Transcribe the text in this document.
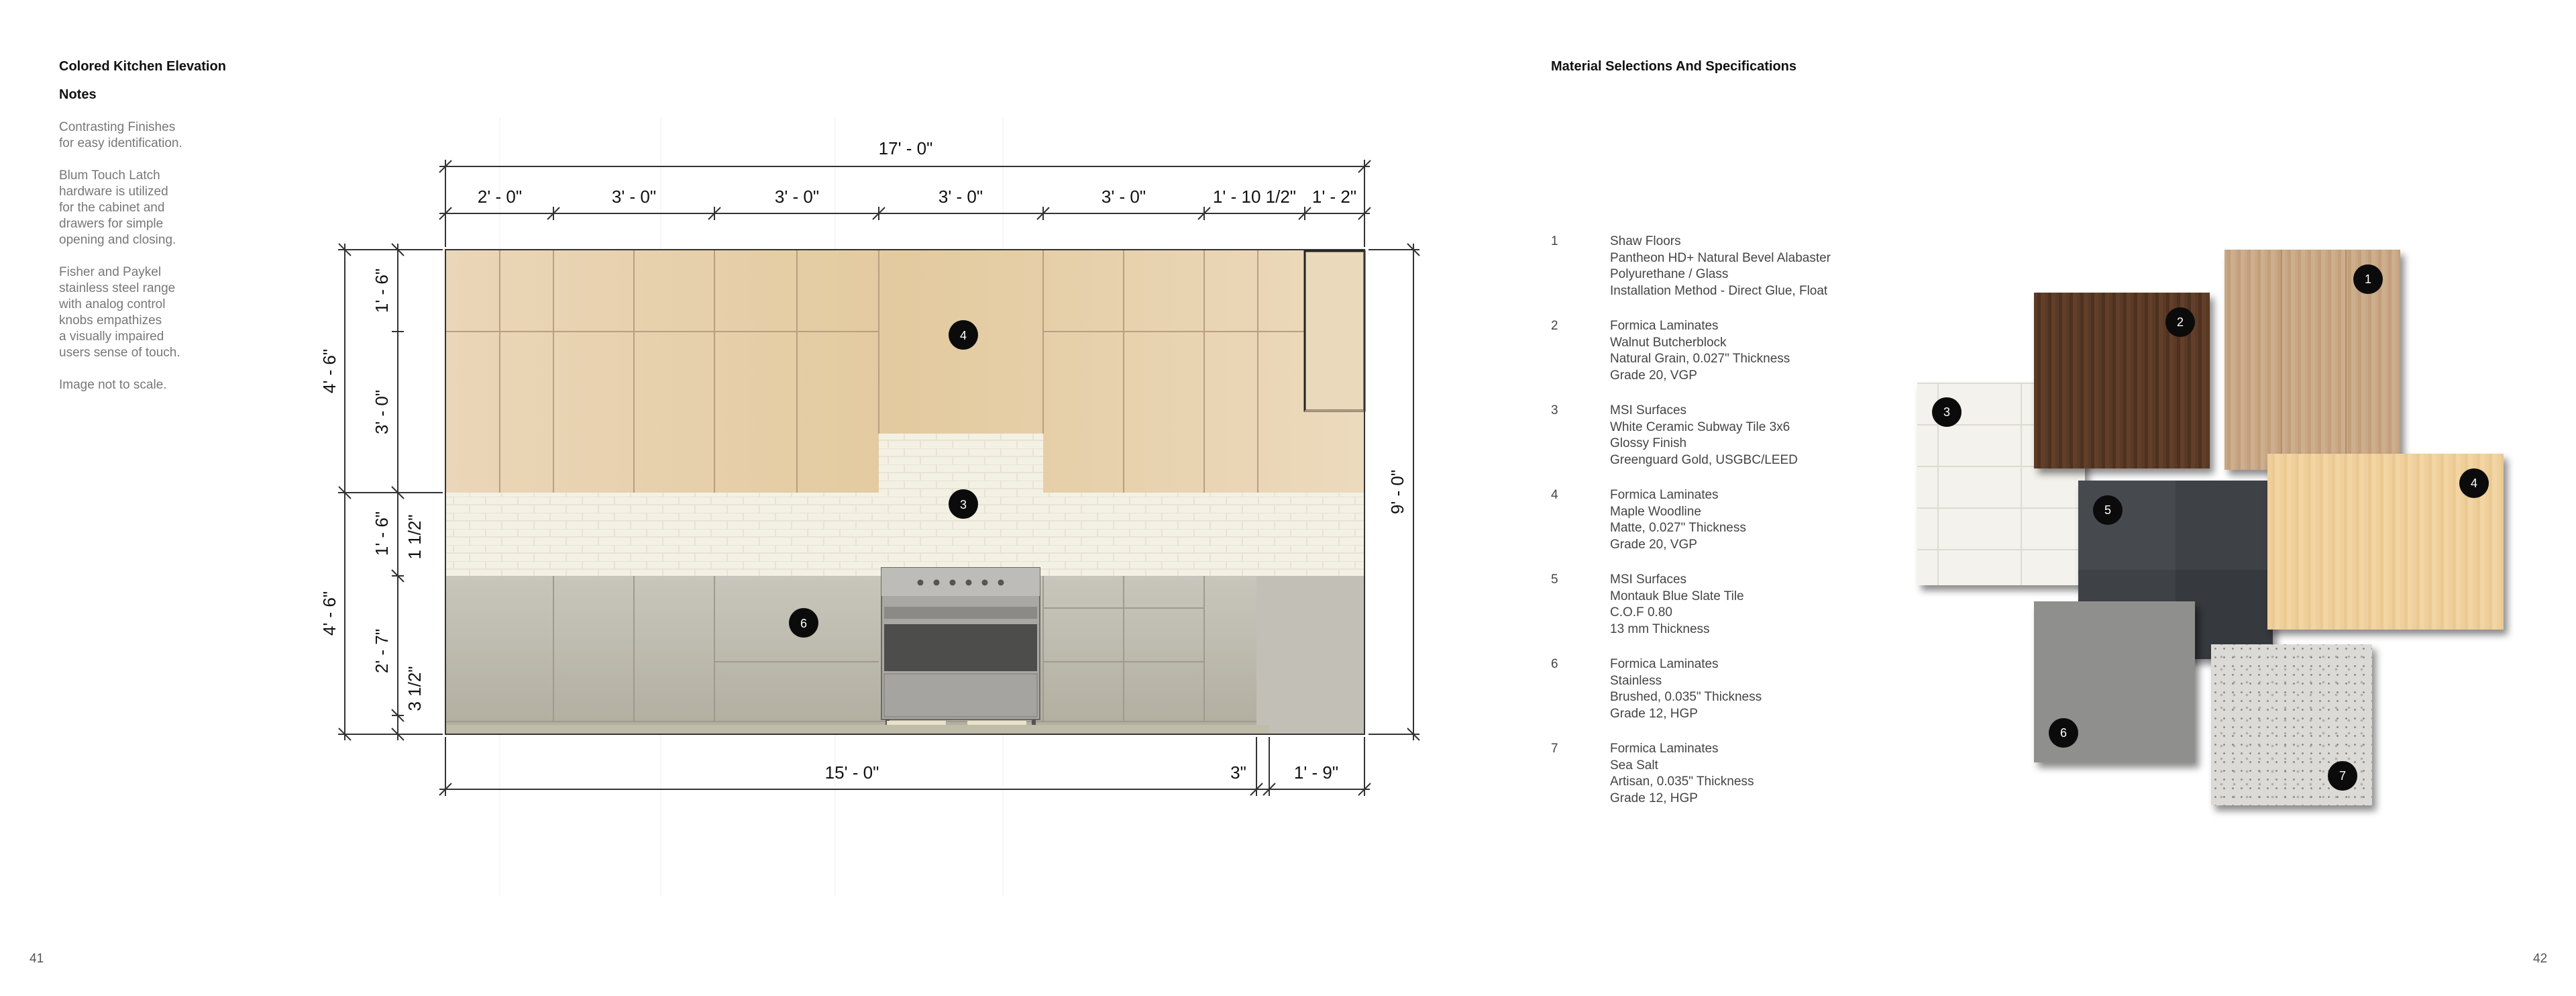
Colored Kitchen Elevation
Notes

Contrasting Finishes
for easy identification.

Blum Touch Latch
hardware is utilized
for the cabinet and
drawers for simple
opening and closing.

Fisher and Paykel
stainless steel range
with analog control
knobs empathizes
a visually impaired
users sense of touch.

Image not to scale.

4
3
6
17' - 0"
2' - 0"	3' - 0"	3' - 0"	3' - 0"	3' - 0"	1' - 10 1/2" 1' - 2"
15' - 0"	3"	1' - 9"
4' - 6"
4' - 6"
1' - 6"
3' - 0"
1' - 6" 1 1/2"
2' - 7"
3 1/2"
9' - 0"
41
Material Selections And Specifications
1	Shaw Floors
Pantheon HD+ Natural Bevel Alabaster
Polyurethane / Glass
Installation Method - Direct Glue, Float
2	Formica Laminates
Walnut Butcherblock
Natural Grain, 0.027" Thickness
Grade 20, VGP
3	MSI Surfaces
White Ceramic Subway Tile 3x6
Glossy Finish
Greenguard Gold, USGBC/LEED
4	Formica Laminates
Maple Woodline
Matte, 0.027" Thickness
Grade 20, VGP
5	MSI Surfaces
Montauk Blue Slate Tile
C.O.F 0.80
13 mm Thickness
6	Formica Laminates
Stainless
Brushed, 0.035" Thickness
Grade 12, HGP
7	Formica Laminates
Sea Salt
Artisan, 0.035" Thickness
Grade 12, HGP
3
1
2
5
4
6
7
42
